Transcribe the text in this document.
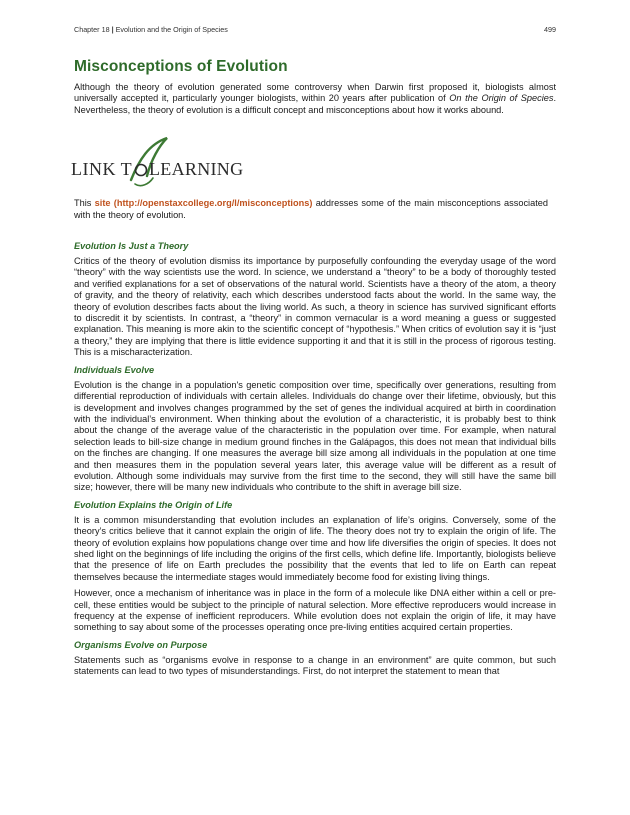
Chapter 18 | Evolution and the Origin of Species	499
Misconceptions of Evolution

Although the theory of evolution generated some controversy when Darwin first proposed it, biologists almost universally accepted it, particularly younger biologists, within 20 years after publication of On the Origin of Species. Nevertheless, the theory of evolution is a difficult concept and misconceptions about how it works abound.

LINK T LEARNING

This site (http://openstaxcollege.org/l/misconceptions) addresses some of the main misconceptions associated with the theory of evolution.

Evolution Is Just a Theory

Critics of the theory of evolution dismiss its importance by purposefully confounding the everyday usage of the word “theory” with the way scientists use the word. In science, we understand a “theory” to be a body of thoroughly tested and verified explanations for a set of observations of the natural world. Scientists have a theory of the atom, a theory of gravity, and the theory of relativity, each which describes understood facts about the world. In the same way, the theory of evolution describes facts about the living world. As such, a theory in science has survived significant efforts to discredit it by scientists. In contrast, a “theory” in common vernacular is a word meaning a guess or suggested explanation. This meaning is more akin to the scientific concept of “hypothesis.” When critics of evolution say it is “just a theory,” they are implying that there is little evidence supporting it and that it is still in the process of rigorous testing. This is a mischaracterization.

Individuals Evolve

Evolution is the change in a population's genetic composition over time, specifically over generations, resulting from differential reproduction of individuals with certain alleles. Individuals do change over their lifetime, obviously, but this is development and involves changes programmed by the set of genes the individual acquired at birth in coordination with the individual’s environment. When thinking about the evolution of a characteristic, it is probably best to think about the change of the average value of the characteristic in the population over time. For example, when natural selection leads to bill-size change in medium ground finches in the Galápagos, this does not mean that individual bills on the finches are changing. If one measures the average bill size among all individuals in the population at one time and then measures them in the population several years later, this average value will be different as a result of evolution. Although some individuals may survive from the first time to the second, they will still have the same bill size; however, there will be many new individuals who contribute to the shift in average bill size.

Evolution Explains the Origin of Life

It is a common misunderstanding that evolution includes an explanation of life’s origins. Conversely, some of the theory’s critics believe that it cannot explain the origin of life. The theory does not try to explain the origin of life. The theory of evolution explains how populations change over time and how life diversifies the origin of species. It does not shed light on the beginnings of life including the origins of the first cells, which define life. Importantly, biologists believe that the presence of life on Earth precludes the possibility that the events that led to life on Earth can repeat themselves because the intermediate stages would immediately become food for existing living things.

However, once a mechanism of inheritance was in place in the form of a molecule like DNA either within a cell or pre-cell, these entities would be subject to the principle of natural selection. More effective reproducers would increase in frequency at the expense of inefficient reproducers. While evolution does not explain the origin of life, it may have something to say about some of the processes operating once pre-living entities acquired certain properties.

Organisms Evolve on Purpose

Statements such as “organisms evolve in response to a change in an environment” are quite common, but such statements can lead to two types of misunderstandings. First, do not interpret the statement to mean that
